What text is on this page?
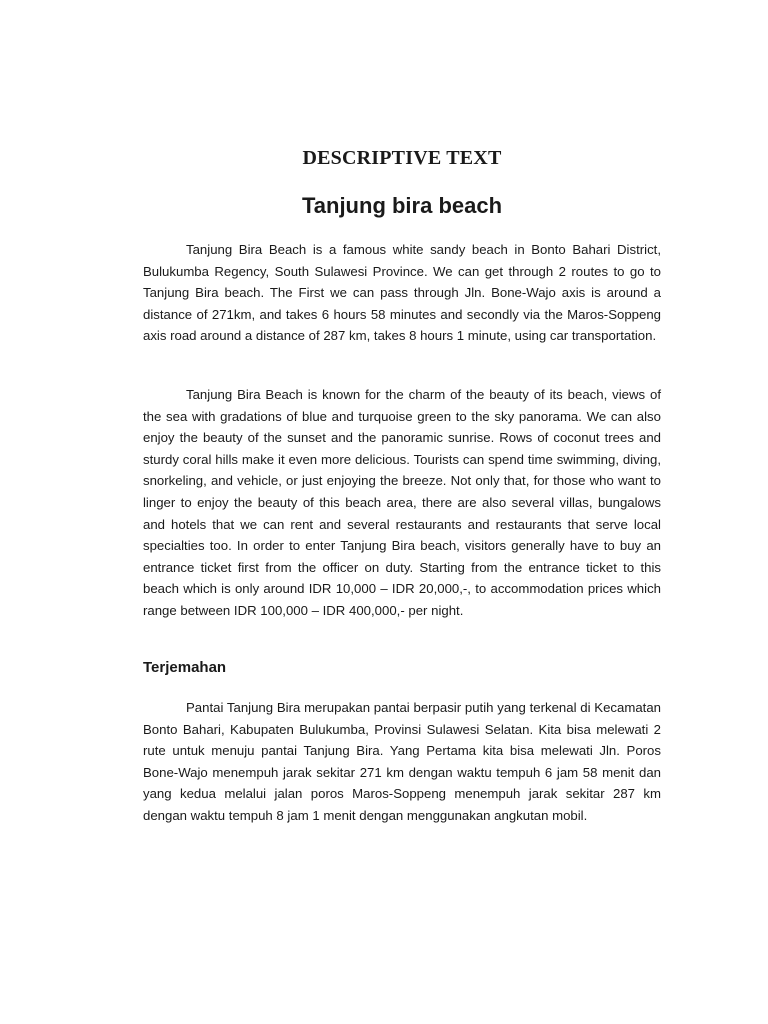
DESCRIPTIVE TEXT
Tanjung bira beach

Tanjung Bira Beach is a famous white sandy beach in Bonto Bahari District, Bulukumba Regency, South Sulawesi Province. We can get through 2 routes to go to Tanjung Bira beach. The First we can pass through Jln. Bone-Wajo axis is around a distance of 271km, and takes 6 hours 58 minutes and secondly via the Maros-Soppeng axis road around a distance of 287 km, takes 8 hours 1 minute, using car transportation.

Tanjung Bira Beach is known for the charm of the beauty of its beach, views of the sea with gradations of blue and turquoise green to the sky panorama. We can also enjoy the beauty of the sunset and the panoramic sunrise. Rows of coconut trees and sturdy coral hills make it even more delicious. Tourists can spend time swimming, diving, snorkeling, and vehicle, or just enjoying the breeze. Not only that, for those who want to linger to enjoy the beauty of this beach area, there are also several villas, bungalows and hotels that we can rent and several restaurants and restaurants that serve local specialties too. In order to enter Tanjung Bira beach, visitors generally have to buy an entrance ticket first from the officer on duty. Starting from the entrance ticket to this beach which is only around IDR 10,000 – IDR 20,000,-, to accommodation prices which range between IDR 100,000 – IDR 400,000,- per night.

Terjemahan

Pantai Tanjung Bira merupakan pantai berpasir putih yang terkenal di Kecamatan Bonto Bahari, Kabupaten Bulukumba, Provinsi Sulawesi Selatan. Kita bisa melewati 2 rute untuk menuju pantai Tanjung Bira. Yang Pertama kita bisa melewati Jln. Poros Bone-Wajo menempuh jarak sekitar 271 km dengan waktu tempuh 6 jam 58 menit dan yang kedua melalui jalan poros Maros-Soppeng menempuh jarak sekitar 287 km dengan waktu tempuh 8 jam 1 menit dengan menggunakan angkutan mobil.
